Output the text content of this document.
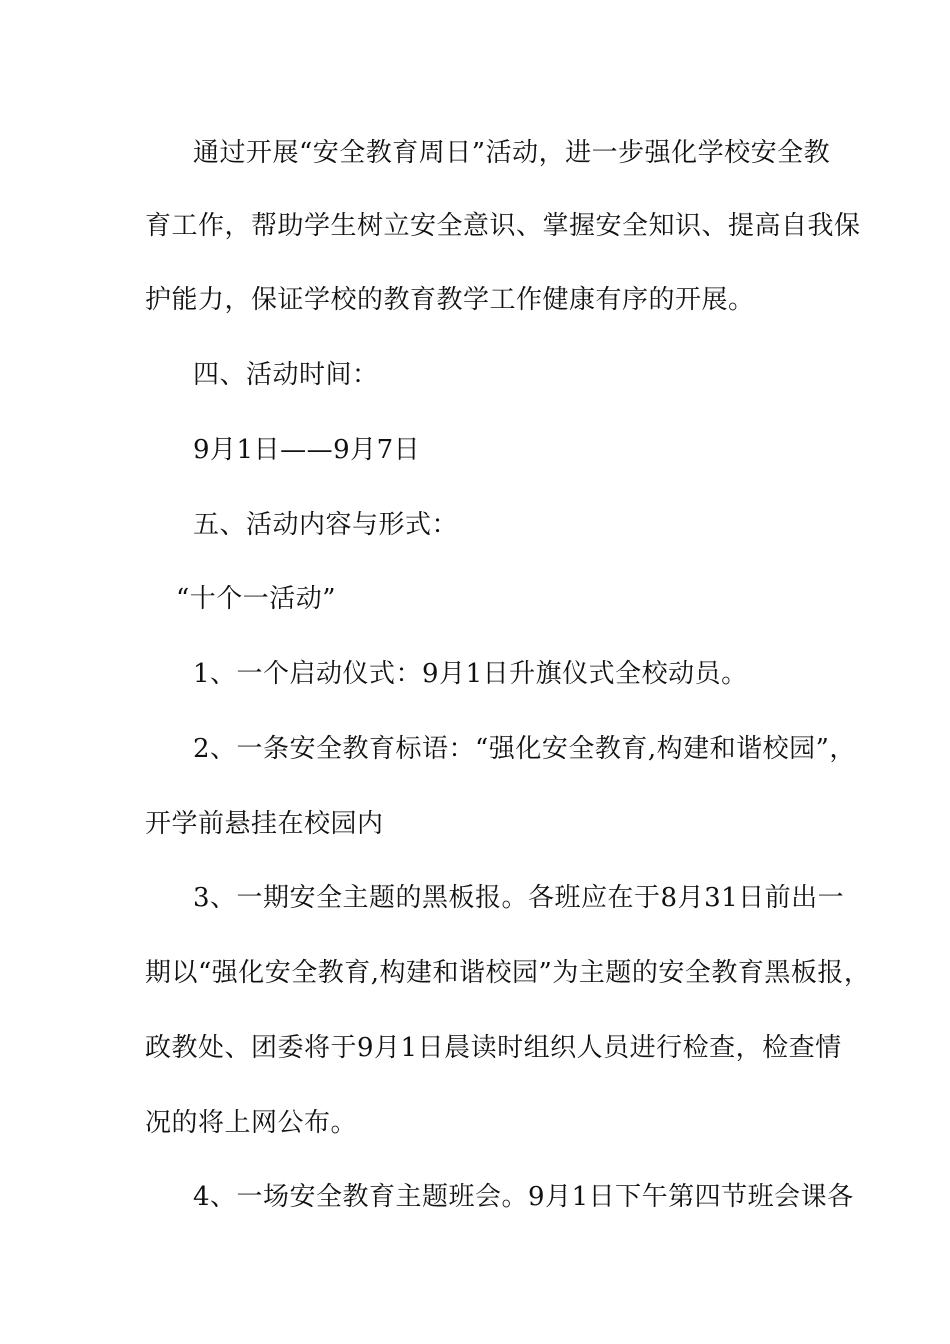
通过开展“安全教育周日”活动，进一步强化学校安全教
育工作，帮助学生树立安全意识、掌握安全知识、提高自我保
护能力，保证学校的教育教学工作健康有序的开展。
四、活动时间：
9月1日——9月7日
五、活动内容与形式：
“十个一活动”
1、一个启动仪式：9月1日升旗仪式全校动员。
2、一条安全教育标语：“强化安全教育,构建和谐校园”，
开学前悬挂在校园内
3、一期安全主题的黑板报。各班应在于8月31日前出一
期以“强化安全教育,构建和谐校园”为主题的安全教育黑板报，
政教处、团委将于9月1日晨读时组织人员进行检查，检查情
况的将上网公布。
4、一场安全教育主题班会。9月1日下午第四节班会课各
